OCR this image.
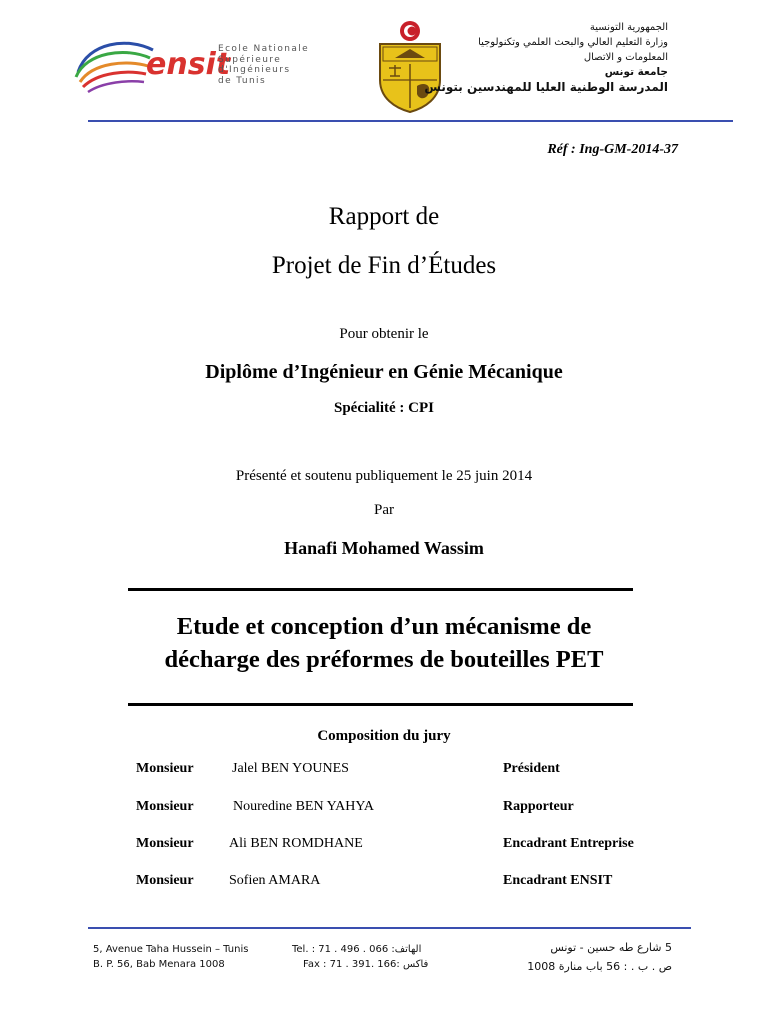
ensit
Ecole Nationale
Supérieure
d'Ingénieurs
de Tunis
الجمهورية التونسية
وزارة التعليم العالي والبحث العلمي وتكنولوجيا
المعلومات و الاتصال
جامعة تونس
المدرسة الوطنية العليا للمهندسين بتونس
Réf : Ing-GM-2014-37
Rapport de
Projet de Fin d’Études
Pour obtenir le
Diplôme d’Ingénieur en Génie Mécanique
Spécialité : CPI
Présenté et soutenu publiquement le 25 juin 2014
Par
Hanafi Mohamed Wassim
Etude et conception d’un mécanisme de
décharge des préformes de bouteilles PET
Composition du jury
Monsieur	Jalel BEN YOUNES	Président
Monsieur	Nouredine BEN YAHYA	Rapporteur
Monsieur	Ali BEN ROMDHANE	Encadrant Entreprise
Monsieur	Sofien AMARA	Encadrant ENSIT
5, Avenue Taha Hussein – Tunis
B. P. 56, Bab Menara 1008
Tel. : 71 . 496 . 066 :الهاتف
Fax : 71 . 391. 166: فاكس
5 شارع طه حسين - تونس
ص . ب . : 56 باب منارة 1008
